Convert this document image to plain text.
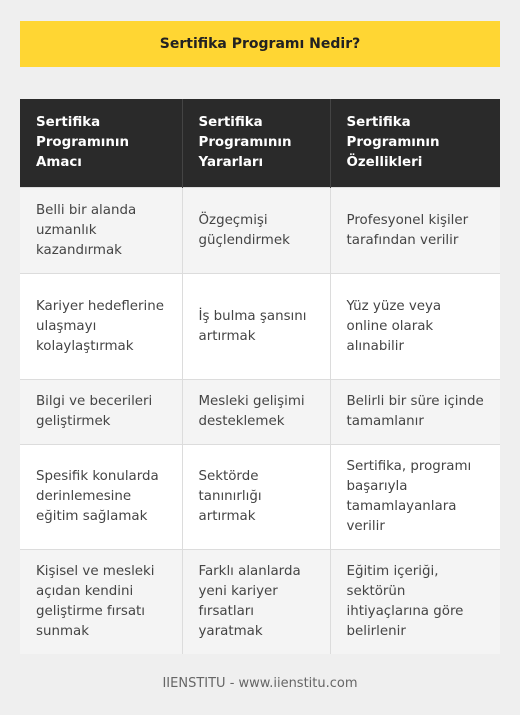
Sertifika Programı Nedir?
Sertifika Programının Amacı	Sertifika Programının Yararları	Sertifika Programının Özellikleri
Belli bir alanda uzmanlık kazandırmak	Özgeçmişi güçlendirmek	Profesyonel kişiler tarafından verilir
Kariyer hedeflerine ulaşmayı kolaylaştırmak	İş bulma şansını artırmak	Yüz yüze veya online olarak alınabilir
Bilgi ve becerileri geliştirmek	Mesleki gelişimi desteklemek	Belirli bir süre içinde tamamlanır
Spesifik konularda derinlemesine eğitim sağlamak	Sektörde tanınırlığı artırmak	Sertifika, programı başarıyla tamamlayanlara verilir
Kişisel ve mesleki açıdan kendini geliştirme fırsatı sunmak	Farklı alanlarda yeni kariyer fırsatları yaratmak	Eğitim içeriği, sektörün ihtiyaçlarına göre belirlenir
IIENSTITU - www.iienstitu.com
